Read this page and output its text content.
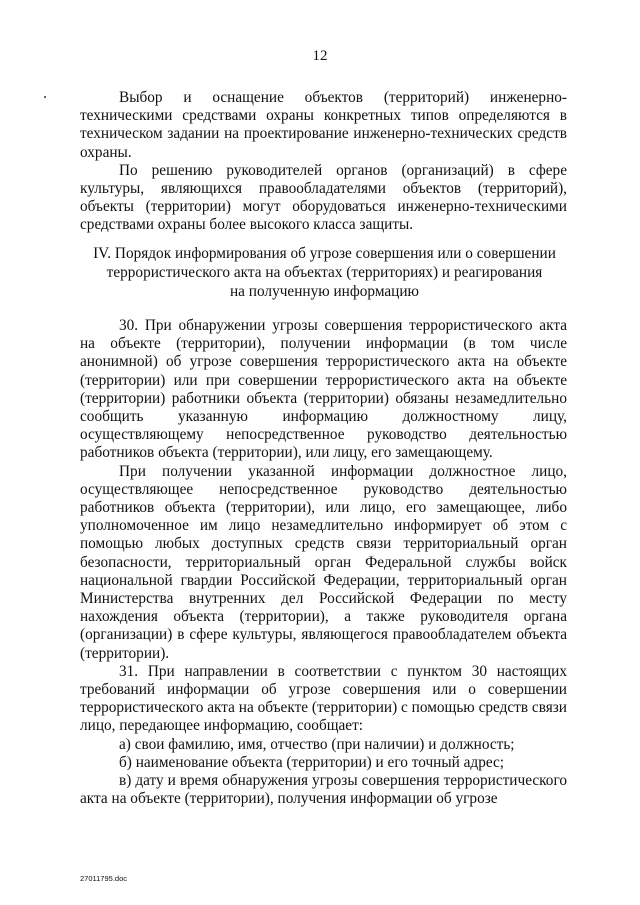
12

Выбор и оснащение объектов (территорий) инженерно-техническими средствами охраны конкретных типов определяются в техническом задании на проектирование инженерно-технических средств охраны.

По решению руководителей органов (организаций) в сфере культуры, являющихся правообладателями объектов (территорий), объекты (территории) могут оборудоваться инженерно-техническими средствами охраны более высокого класса защиты.

IV. Порядок информирования об угрозе совершения или о совершении
террористического акта на объектах (территориях) и реагирования
на полученную информацию

30. При обнаружении угрозы совершения террористического акта на объекте (территории), получении информации (в том числе анонимной) об угрозе совершения террористического акта на объекте (территории) или при совершении террористического акта на объекте (территории) работники объекта (территории) обязаны незамедлительно сообщить указанную информацию должностному лицу, осуществляющему непосредственное руководство деятельностью работников объекта (территории), или лицу, его замещающему.

При получении указанной информации должностное лицо, осуществляющее непосредственное руководство деятельностью работников объекта (территории), или лицо, его замещающее, либо уполномоченное им лицо незамедлительно информирует об этом с помощью любых доступных средств связи территориальный орган безопасности, территориальный орган Федеральной службы войск национальной гвардии Российской Федерации, территориальный орган Министерства внутренних дел Российской Федерации по месту нахождения объекта (территории), а также руководителя органа (организации) в сфере культуры, являющегося правообладателем объекта (территории).

31. При направлении в соответствии с пунктом 30 настоящих требований информации об угрозе совершения или о совершении террористического акта на объекте (территории) с помощью средств связи лицо, передающее информацию, сообщает:

а) свои фамилию, имя, отчество (при наличии) и должность;

б) наименование объекта (территории) и его точный адрес;

в) дату и время обнаружения угрозы совершения террористического акта на объекте (территории), получения информации об угрозе

27011795.doc
